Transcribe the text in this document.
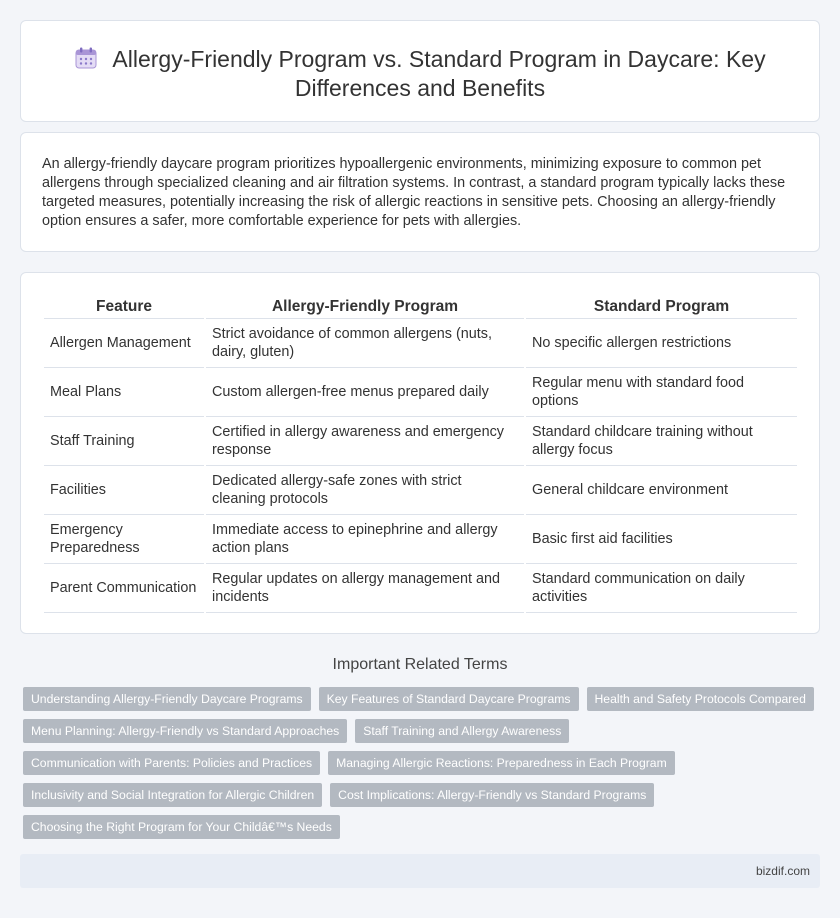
Allergy-Friendly Program vs. Standard Program in Daycare: Key Differences and Benefits

An allergy-friendly daycare program prioritizes hypoallergenic environments, minimizing exposure to common pet allergens through specialized cleaning and air filtration systems. In contrast, a standard program typically lacks these targeted measures, potentially increasing the risk of allergic reactions in sensitive pets. Choosing an allergy-friendly option ensures a safer, more comfortable experience for pets with allergies.

Feature	Allergy-Friendly Program	Standard Program
Allergen Management	Strict avoidance of common allergens (nuts, dairy, gluten)	No specific allergen restrictions
Meal Plans	Custom allergen-free menus prepared daily	Regular menu with standard food options
Staff Training	Certified in allergy awareness and emergency response	Standard childcare training without allergy focus
Facilities	Dedicated allergy-safe zones with strict cleaning protocols	General childcare environment
Emergency Preparedness	Immediate access to epinephrine and allergy action plans	Basic first aid facilities
Parent Communication	Regular updates on allergy management and incidents	Standard communication on daily activities
Important Related Terms
Understanding Allergy-Friendly Daycare Programs	Key Features of Standard Daycare Programs	Health and Safety Protocols Compared
Menu Planning: Allergy-Friendly vs Standard Approaches	Staff Training and Allergy Awareness
Communication with Parents: Policies and Practices	Managing Allergic Reactions: Preparedness in Each Program
Inclusivity and Social Integration for Allergic Children	Cost Implications: Allergy-Friendly vs Standard Programs
Choosing the Right Program for Your Childâ€™s Needs
bizdif.com
